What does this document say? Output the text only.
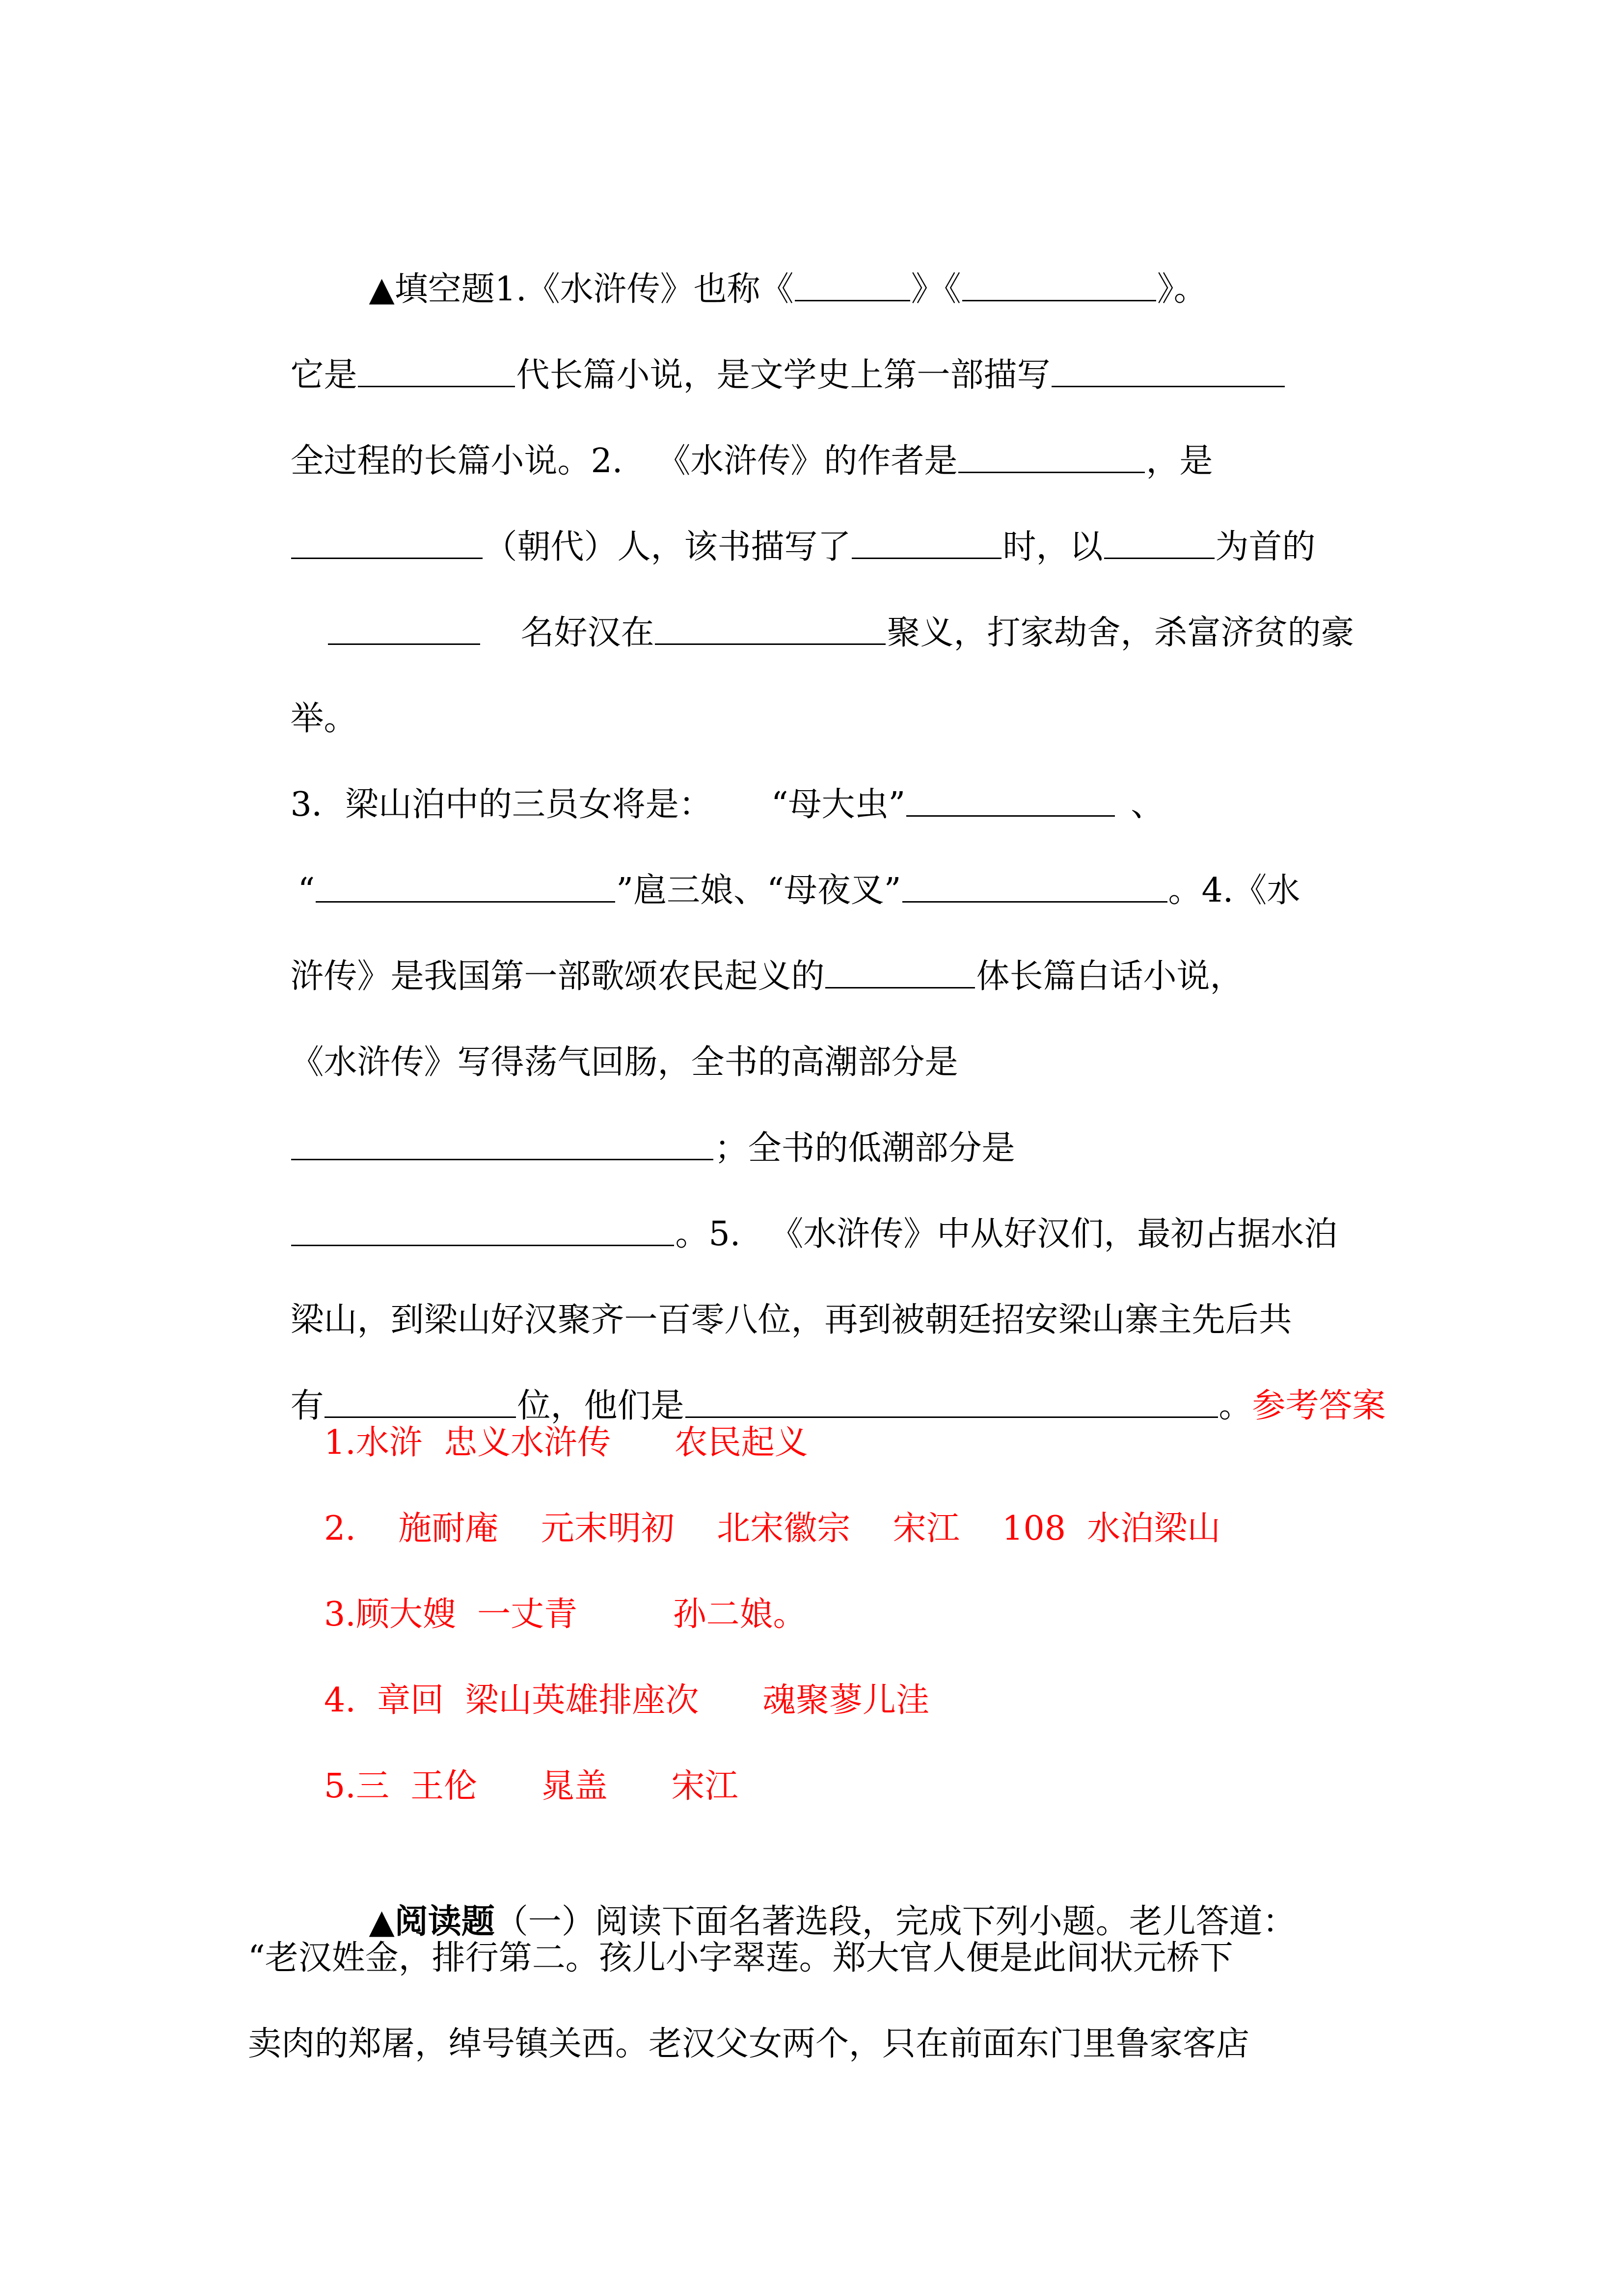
▲填空题1.《水浒传》也称《	》《	》。

它是	代长篇小说，是文学史上第一部描写

全过程的长篇小说。2. 《水浒传》的作者是	，是

（朝代）人，该书描写了	时，以	为首的

名好汉在	聚义，打家劫舍，杀富济贫的豪

举。

3．梁山泊中的三员女将是： “母大虫”	、

“	”扈三娘、“母夜叉”	。4.《水

浒传》是我国第一部歌颂农民起义的	体长篇白话小说，

《水浒传》写得荡气回肠，全书的高潮部分是

；全书的低潮部分是

。5. 《水浒传》中从好汉们，最初占据水泊

梁山，到梁山好汉聚齐一百零八位，再到被朝廷招安梁山寨主先后共

有	位，他们是	。参考答案

1.水浒  忠义水浒传      农民起义
2.    施耐庵    元末明初    北宋徽宗    宋江    108  水泊梁山
3.顾大嫂  一丈青         孙二娘。
4.  章回  梁山英雄排座次      魂聚蓼儿洼
5.三  王伦      晁盖      宋江

▲阅读题（一）阅读下面名著选段，完成下列小题。老儿答道：

“老汉姓金，排行第二。孩儿小字翠莲。郑大官人便是此间状元桥下
卖肉的郑屠，绰号镇关西。老汉父女两个，只在前面东门里鲁家客店
